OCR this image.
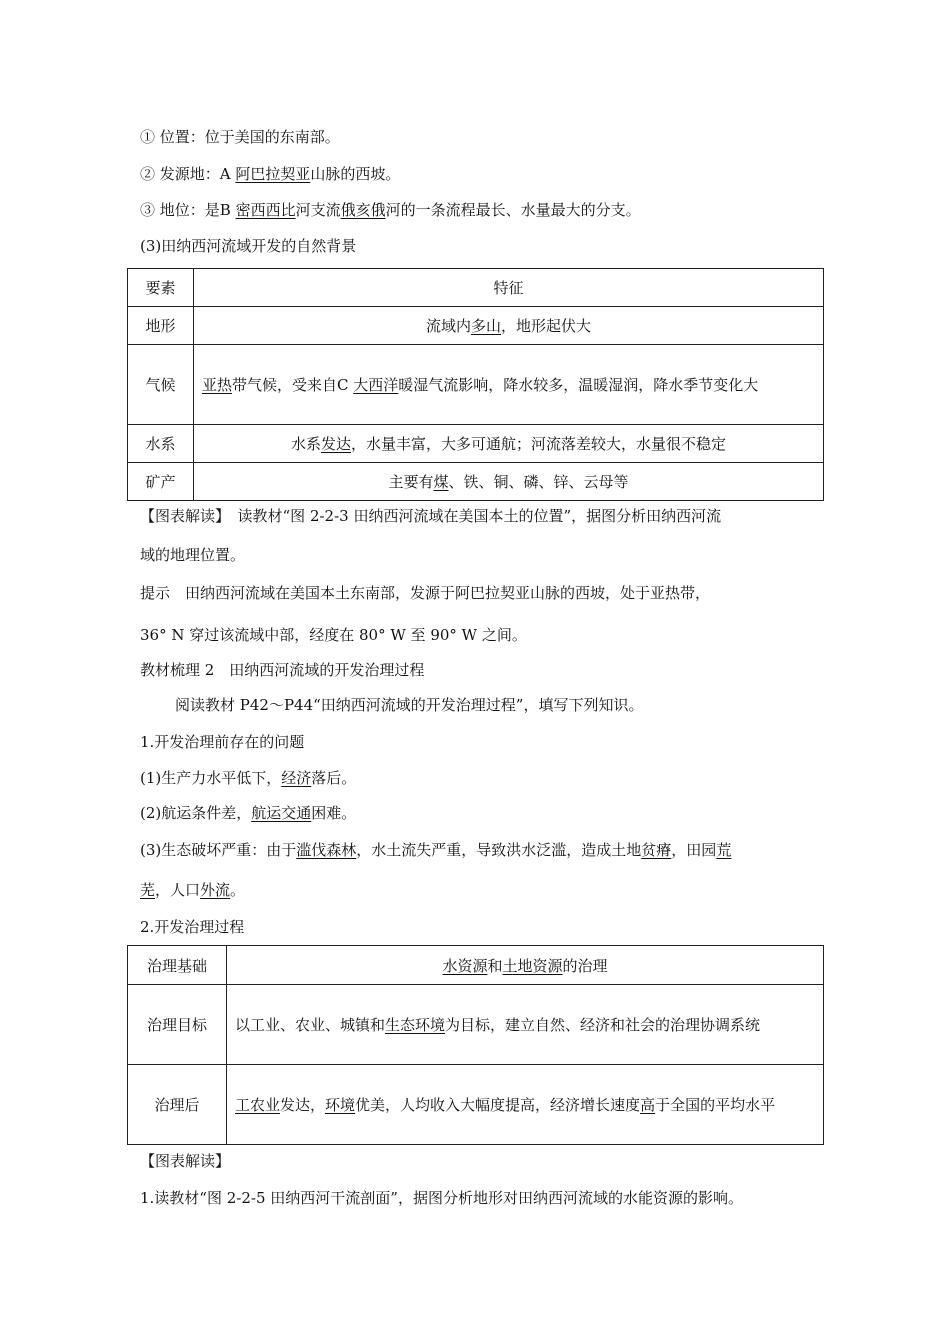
① 位置：位于美国的东南部。
② 发源地：A 阿巴拉契亚山脉的西坡。
③ 地位：是B 密西西比河支流俄亥俄河的一条流程最长、水量最大的分支。
(3)田纳西河流域开发的自然背景
要素	特征
地形	流域内多山，地形起伏大
气候	亚热带气候，受来自C 大西洋暖湿气流影响，降水较多，温暖湿润，降水季节变化大
水系	水系发达，水量丰富，大多可通航；河流落差较大，水量很不稳定
矿产	主要有煤、铁、铜、磷、锌、云母等
【图表解读】　读教材“图 2-2-3 田纳西河流域在美国本土的位置”，据图分析田纳西河流
域的地理位置。
提示　田纳西河流域在美国本土东南部，发源于阿巴拉契亚山脉的西坡，处于亚热带，
36° N 穿过该流域中部，经度在 80° W 至 90° W 之间。
教材梳理 2　田纳西河流域的开发治理过程
阅读教材 P42～P44“田纳西河流域的开发治理过程”，填写下列知识。
1.开发治理前存在的问题
(1)生产力水平低下，经济落后。
(2)航运条件差，航运交通困难。
(3)生态破坏严重：由于滥伐森林，水土流失严重，导致洪水泛滥，造成土地贫瘠，田园荒
芜，人口外流。
2.开发治理过程
治理基础	水资源和土地资源的治理
治理目标	以工业、农业、城镇和生态环境为目标，建立自然、经济和社会的治理协调系统
治理后	工农业发达，环境优美，人均收入大幅度提高，经济增长速度高于全国的平均水平
【图表解读】
1.读教材“图 2-2-5 田纳西河干流剖面”，据图分析地形对田纳西河流域的水能资源的影响。
